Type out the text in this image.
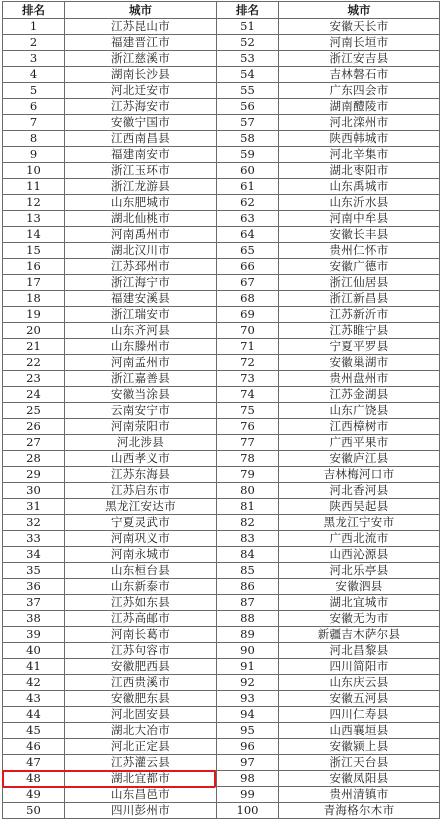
排名	城市	排名	城市
1	江苏昆山市	51	安徽天长市
2	福建晋江市	52	河南长垣市
3	浙江慈溪市	53	浙江安吉县
4	湖南长沙县	54	吉林磐石市
5	河北迁安市	55	广东四会市
6	江苏海安市	56	湖南醴陵市
7	安徽宁国市	57	河北滦州市
8	江西南昌县	58	陕西韩城市
9	福建南安市	59	河北辛集市
10	浙江玉环市	60	湖北枣阳市
11	浙江龙游县	61	山东禹城市
12	山东肥城市	62	山东沂水县
13	湖北仙桃市	63	河南中牟县
14	河南禹州市	64	安徽长丰县
15	湖北汉川市	65	贵州仁怀市
16	江苏邳州市	66	安徽广德市
17	浙江海宁市	67	浙江仙居县
18	福建安溪县	68	浙江新昌县
19	浙江瑞安市	69	江苏新沂市
20	山东齐河县	70	江苏睢宁县
21	山东滕州市	71	宁夏平罗县
22	河南孟州市	72	安徽巢湖市
23	浙江嘉善县	73	贵州盘州市
24	安徽当涂县	74	江苏金湖县
25	云南安宁市	75	山东广饶县
26	河南荥阳市	76	江西樟树市
27	河北涉县	77	广西平果市
28	山西孝义市	78	安徽庐江县
29	江苏东海县	79	吉林梅河口市
30	江苏启东市	80	河北香河县
31	黑龙江安达市	81	陕西吴起县
32	宁夏灵武市	82	黑龙江宁安市
33	河南巩义市	83	广西北流市
34	河南永城市	84	山西沁源县
35	山东桓台县	85	河北乐亭县
36	山东新泰市	86	安徽泗县
37	江苏如东县	87	湖北宜城市
38	江苏高邮市	88	安徽无为市
39	河南长葛市	89	新疆吉木萨尔县
40	江苏句容市	90	河北昌黎县
41	安徽肥西县	91	四川简阳市
42	江西贵溪市	92	山东庆云县
43	安徽肥东县	93	安徽五河县
44	河北固安县	94	四川仁寿县
45	湖北大冶市	95	山西襄垣县
46	河北正定县	96	安徽颍上县
47	江苏灌云县	97	浙江天台县
48	湖北宜都市	98	安徽凤阳县
49	山东昌邑市	99	贵州清镇市
50	四川彭州市	100	青海格尔木市
